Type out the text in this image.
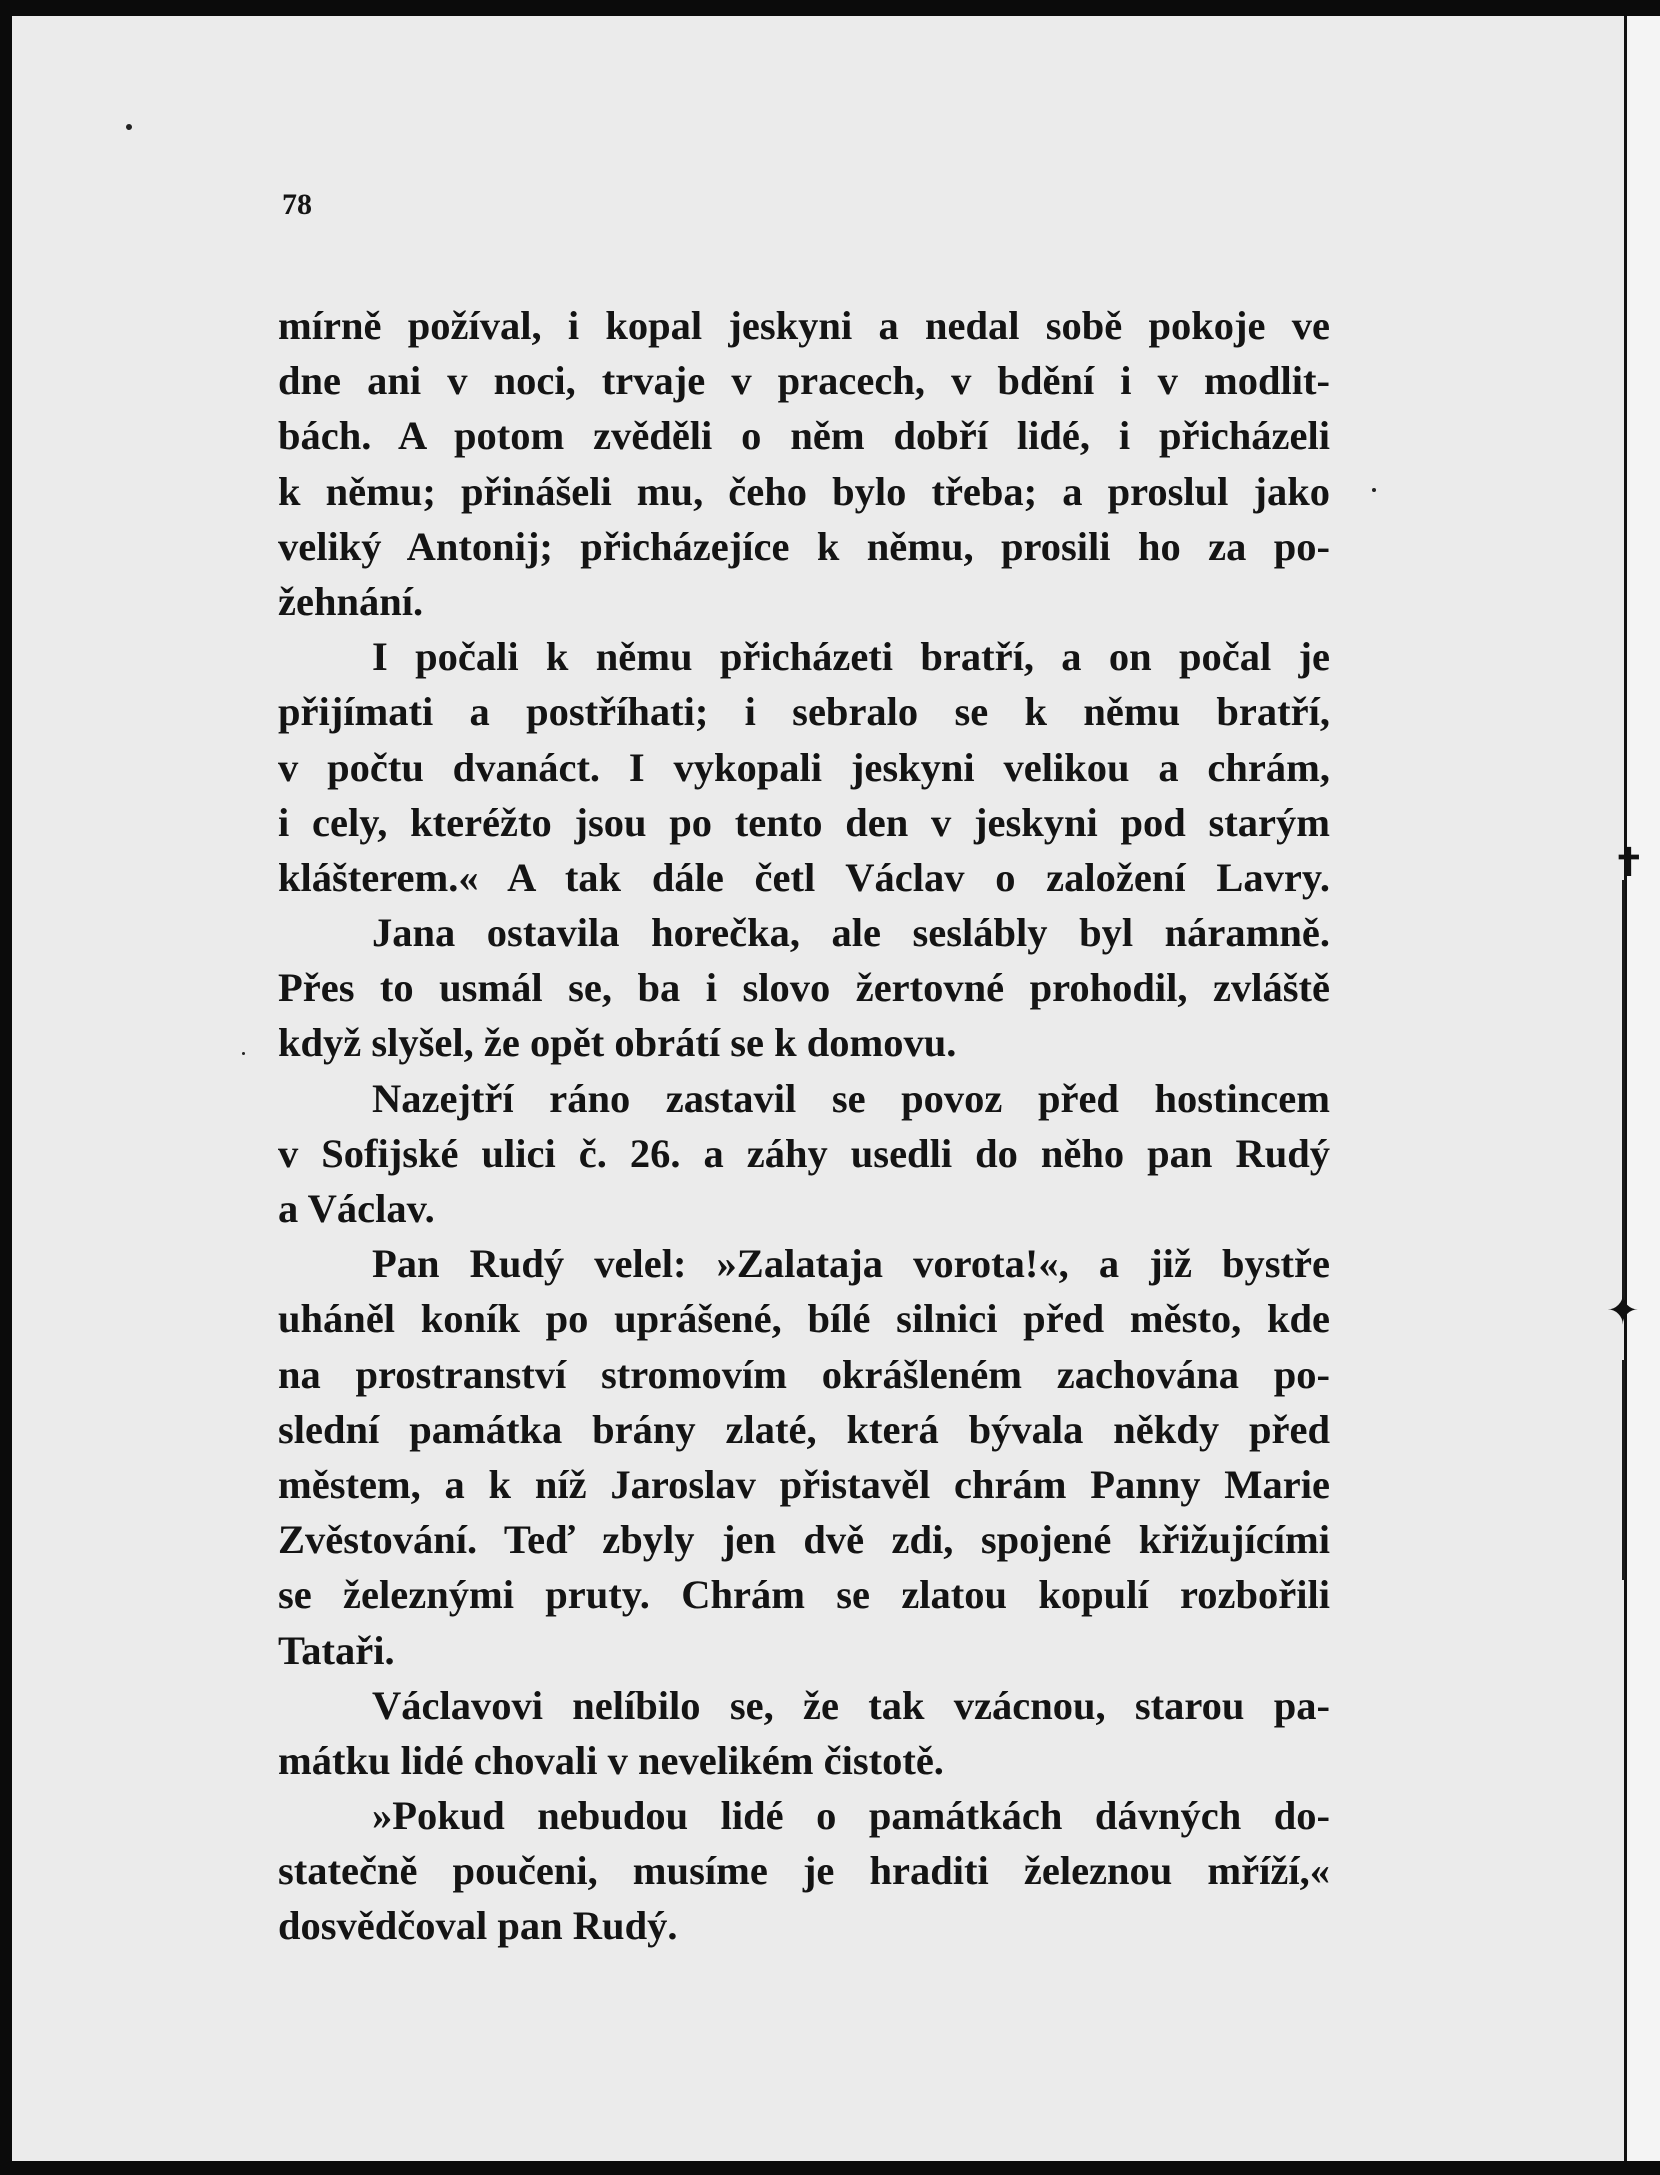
✝
✦
78
mírně požíval, i kopal jeskyni a nedal sobě pokoje ve
dne ani v noci, trvaje v pracech, v bdění i v modlit-
bách. A potom zvěděli o něm dobří lidé, i přicházeli
k němu; přinášeli mu, čeho bylo třeba; a proslul jako
veliký Antonij; přicházejíce k němu, prosili ho za po-
žehnání.
I počali k němu přicházeti bratří, a on počal je
přijímati a postříhati; i sebralo se k němu bratří,
v počtu dvanáct. I vykopali jeskyni velikou a chrám,
i cely, kteréžto jsou po tento den v jeskyni pod starým
klášterem.« A tak dále četl Václav o založení Lavry.
Jana ostavila horečka, ale seslábly byl náramně.
Přes to usmál se, ba i slovo žertovné prohodil, zvláště
když slyšel, že opět obrátí se k domovu.
Nazejtří ráno zastavil se povoz před hostincem
v Sofijské ulici č. 26. a záhy usedli do něho pan Rudý
a Václav.
Pan Rudý velel: »Zalataja vorota!«, a již bystře
uháněl koník po uprášené, bílé silnici před město, kde
na prostranství stromovím okrášleném zachována po-
slední památka brány zlaté, která bývala někdy před
městem, a k níž Jaroslav přistavěl chrám Panny Marie
Zvěstování. Teď zbyly jen dvě zdi, spojené křižujícími
se železnými pruty. Chrám se zlatou kopulí rozbořili
Tataři.
Václavovi nelíbilo se, že tak vzácnou, starou pa-
mátku lidé chovali v nevelikém čistotě.
»Pokud nebudou lidé o památkách dávných do-
statečně poučeni, musíme je hraditi železnou mříží,«
dosvědčoval pan Rudý.
